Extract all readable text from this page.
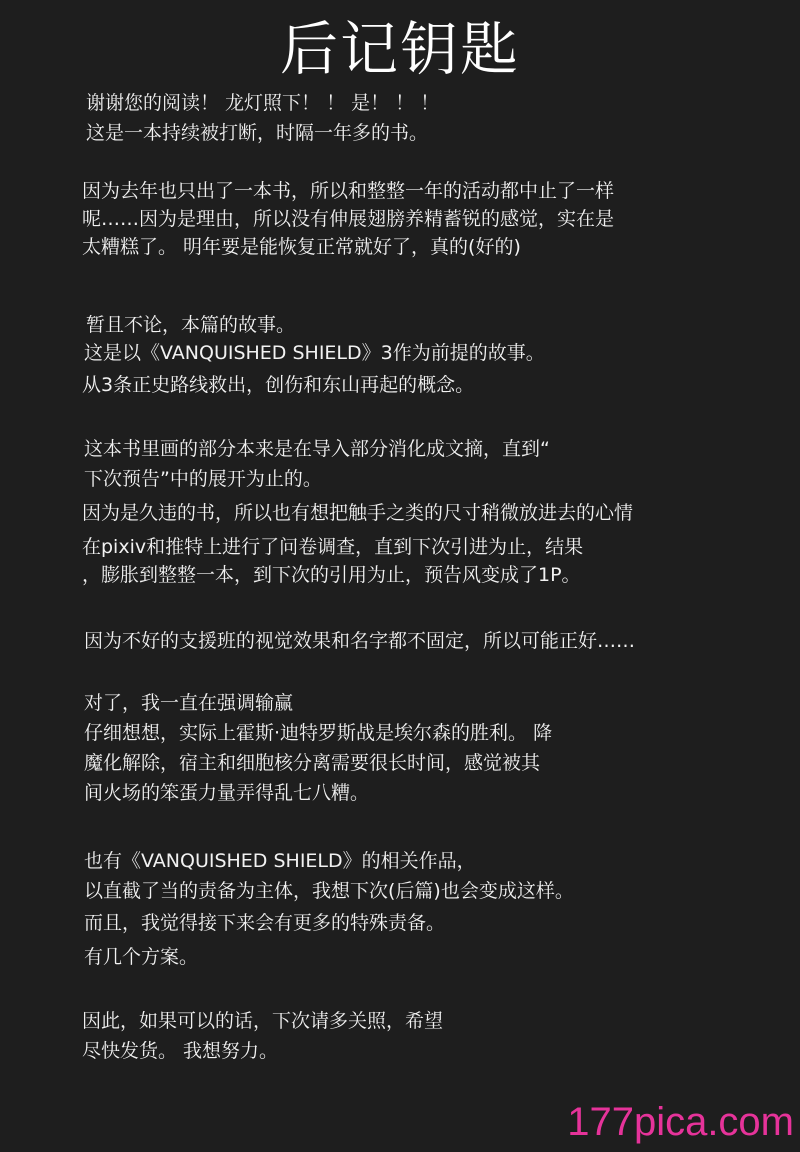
后记钥匙
谢谢您的阅读！ 龙灯照下！ ！ 是！ ！ ！
这是一本持续被打断，时隔一年多的书。
因为去年也只出了一本书，所以和整整一年的活动都中止了一样
呢……因为是理由，所以没有伸展翅膀养精蓄锐的感觉，实在是
太糟糕了。 明年要是能恢复正常就好了，真的(好的)
暂且不论，本篇的故事。
这是以《VANQUISHED SHIELD》3作为前提的故事。
从3条正史路线救出，创伤和东山再起的概念。
这本书里画的部分本来是在导入部分消化成文摘，直到“
下次预告”中的展开为止的。
因为是久违的书，所以也有想把触手之类的尺寸稍微放进去的心情
在pixiv和推特上进行了问卷调查，直到下次引进为止，结果
，膨胀到整整一本，到下次的引用为止，预告风变成了1P。
因为不好的支援班的视觉效果和名字都不固定，所以可能正好……
对了，我一直在强调输赢
仔细想想，实际上霍斯·迪特罗斯战是埃尔森的胜利。 降
魔化解除，宿主和细胞核分离需要很长时间，感觉被其
间火场的笨蛋力量弄得乱七八糟。
也有《VANQUISHED SHIELD》的相关作品，
以直截了当的责备为主体，我想下次(后篇)也会变成这样。
而且，我觉得接下来会有更多的特殊责备。
有几个方案。
因此，如果可以的话，下次请多关照，希望
尽快发货。 我想努力。
177pica.com
